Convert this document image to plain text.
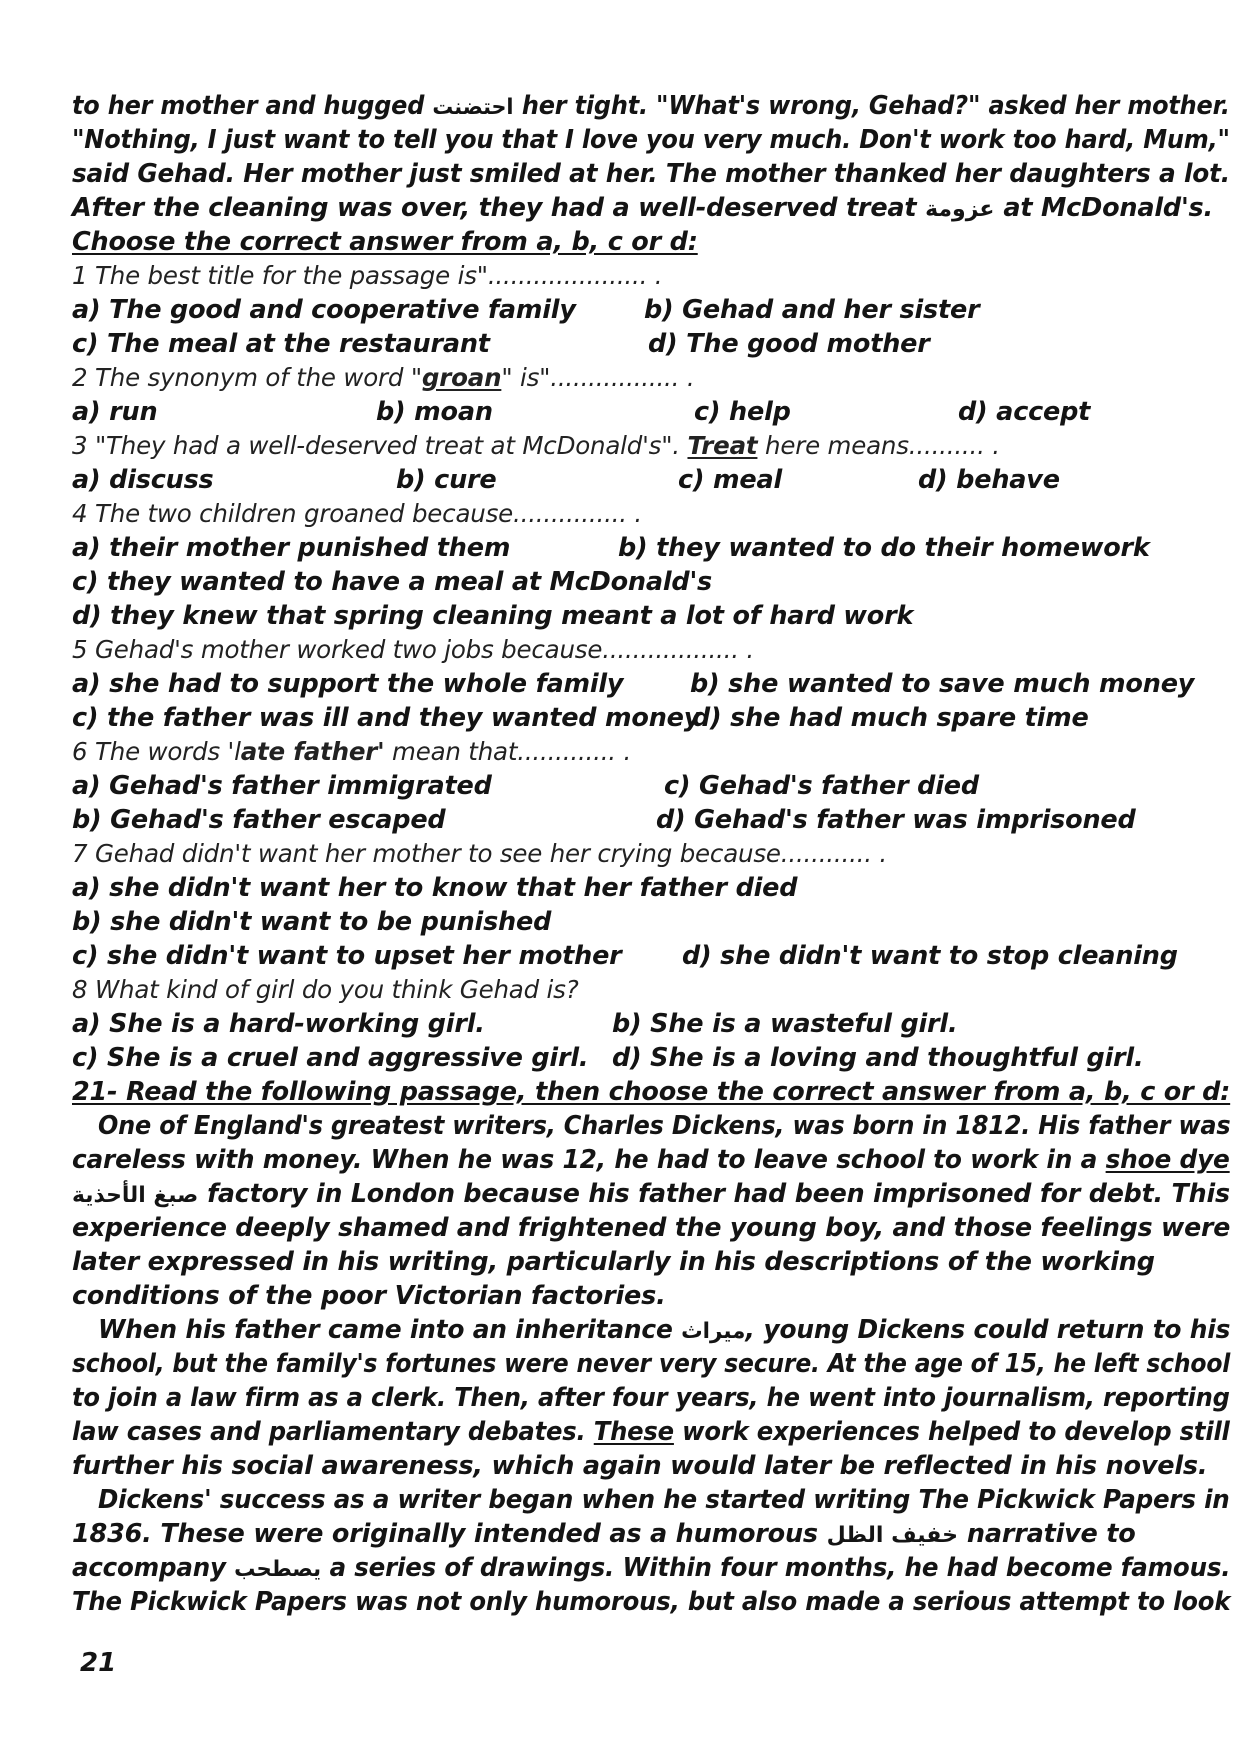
to her mother and hugged احتضنت her tight. "What's wrong, Gehad?" asked her mother.
"Nothing, I just want to tell you that I love you very much. Don't work too hard, Mum,"
said Gehad. Her mother just smiled at her. The mother thanked her daughters a lot.
After the cleaning was over, they had a well-deserved treat عزومة at McDonald's.
Choose the correct answer from a, b, c or d:
1 The best title for the passage is"..................... .
a) The good and cooperative family	b) Gehad and her sister
c) The meal at the restaurant	d) The good mother
2 The synonym of the word "groan" is"................. .
a) run	b) moan	c) help	d) accept
3 "They had a well-deserved treat at McDonald's". Treat here means.......... .
a) discuss	b) cure	c) meal	d) behave
4 The two children groaned because............... .
a) their mother punished them	b) they wanted to do their homework
c) they wanted to have a meal at McDonald's
d) they knew that spring cleaning meant a lot of hard work
5 Gehad's mother worked two jobs because.................. .
a) she had to support the whole family	b) she wanted to save much money
c) the father was ill and they wanted money
d) she had much spare time
6 The words 'late father' mean that............. .
a) Gehad's father immigrated	c) Gehad's father died
b) Gehad's father escaped	d) Gehad's father was imprisoned
7 Gehad didn't want her mother to see her crying because............ .
a) she didn't want her to know that her father died
b) she didn't want to be punished
c) she didn't want to upset her mother d) she didn't want to stop cleaning
8 What kind of girl do you think Gehad is?
a) She is a hard-working girl.	b) She is a wasteful girl.
c) She is a cruel and aggressive girl. d) She is a loving and thoughtful girl.
21- Read the following passage, then choose the correct answer from a, b, c or d:
One of England's greatest writers, Charles Dickens, was born in 1812. His father was
careless with money. When he was 12, he had to leave school to work in a shoe dye
صبغ الأحذية factory in London because his father had been imprisoned for debt. This
experience deeply shamed and frightened the young boy, and those feelings were
later expressed in his writing, particularly in his descriptions of the working
conditions of the poor Victorian factories.
When his father came into an inheritance ميراث, young Dickens could return to his
school, but the family's fortunes were never very secure. At the age of 15, he left school
to join a law firm as a clerk. Then, after four years, he went into journalism, reporting
law cases and parliamentary debates. These work experiences helped to develop still
further his social awareness, which again would later be reflected in his novels.
Dickens' success as a writer began when he started writing The Pickwick Papers in
1836. These were originally intended as a humorous خفيف الظل narrative to
accompany يصطحب a series of drawings. Within four months, he had become famous.
The Pickwick Papers was not only humorous, but also made a serious attempt to look
21
